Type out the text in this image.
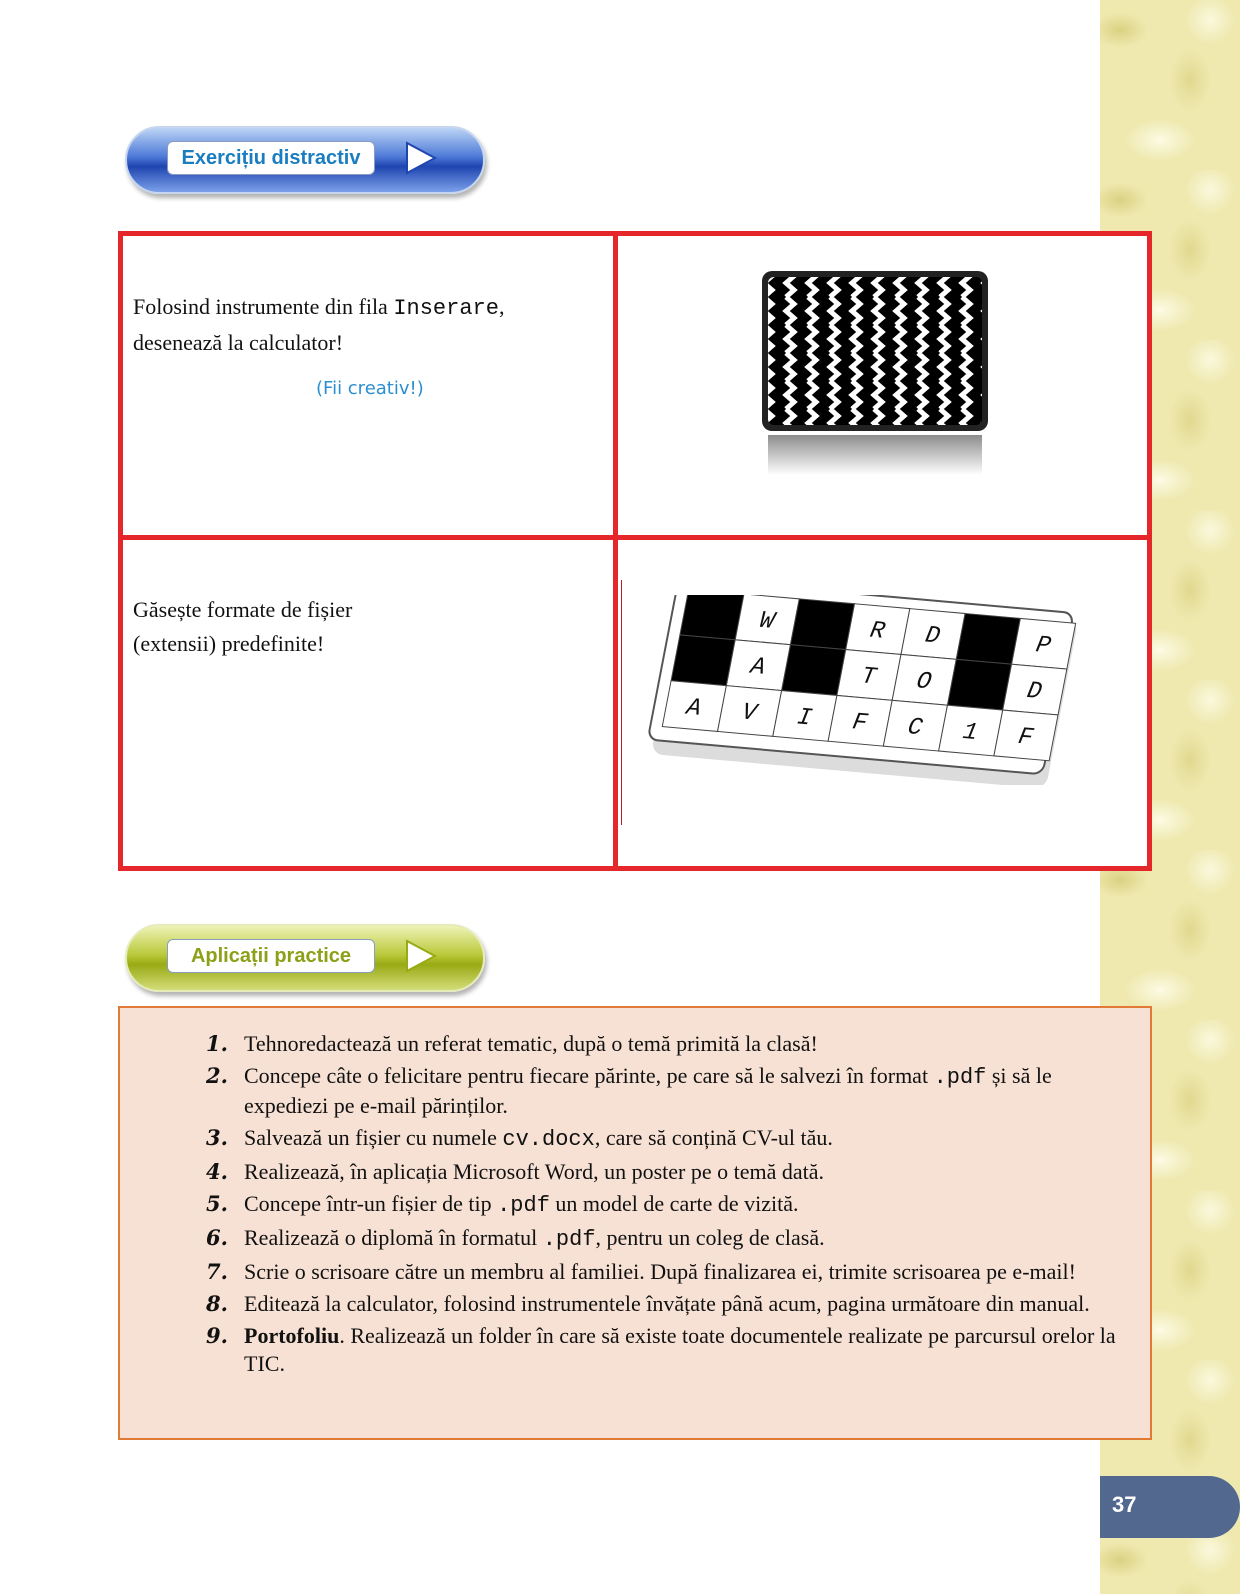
Exercițiu distractiv
Folosind instrumente din fila Inserare,
desenează la calculator!
(Fii creativ!)
Găsește formate de fișier
(extensii) predefinite!
W	R D	P
A	T O	D
A V I F C 1 F
Aplicații practice
1. Tehnoredactează un referat tematic, după o temă primită la clasă!
2. Concepe câte o felicitare pentru fiecare părinte, pe care să le salvezi în format .pdf și să le expediezi pe e-mail părinților.
3. Salvează un fișier cu numele cv.docx, care să conțină CV-ul tău.
4. Realizează, în aplicația Microsoft Word, un poster pe o temă dată.
5. Concepe într-un fișier de tip .pdf un model de carte de vizită.
6. Realizează o diplomă în formatul .pdf, pentru un coleg de clasă.
7. Scrie o scrisoare către un membru al familiei. După finalizarea ei, trimite scrisoarea pe e-mail!
8. Editează la calculator, folosind instrumentele învățate până acum, pagina următoare din manual.
9. Portofoliu. Realizează un folder în care să existe toate documentele realizate pe parcursul orelor la TIC.
37
